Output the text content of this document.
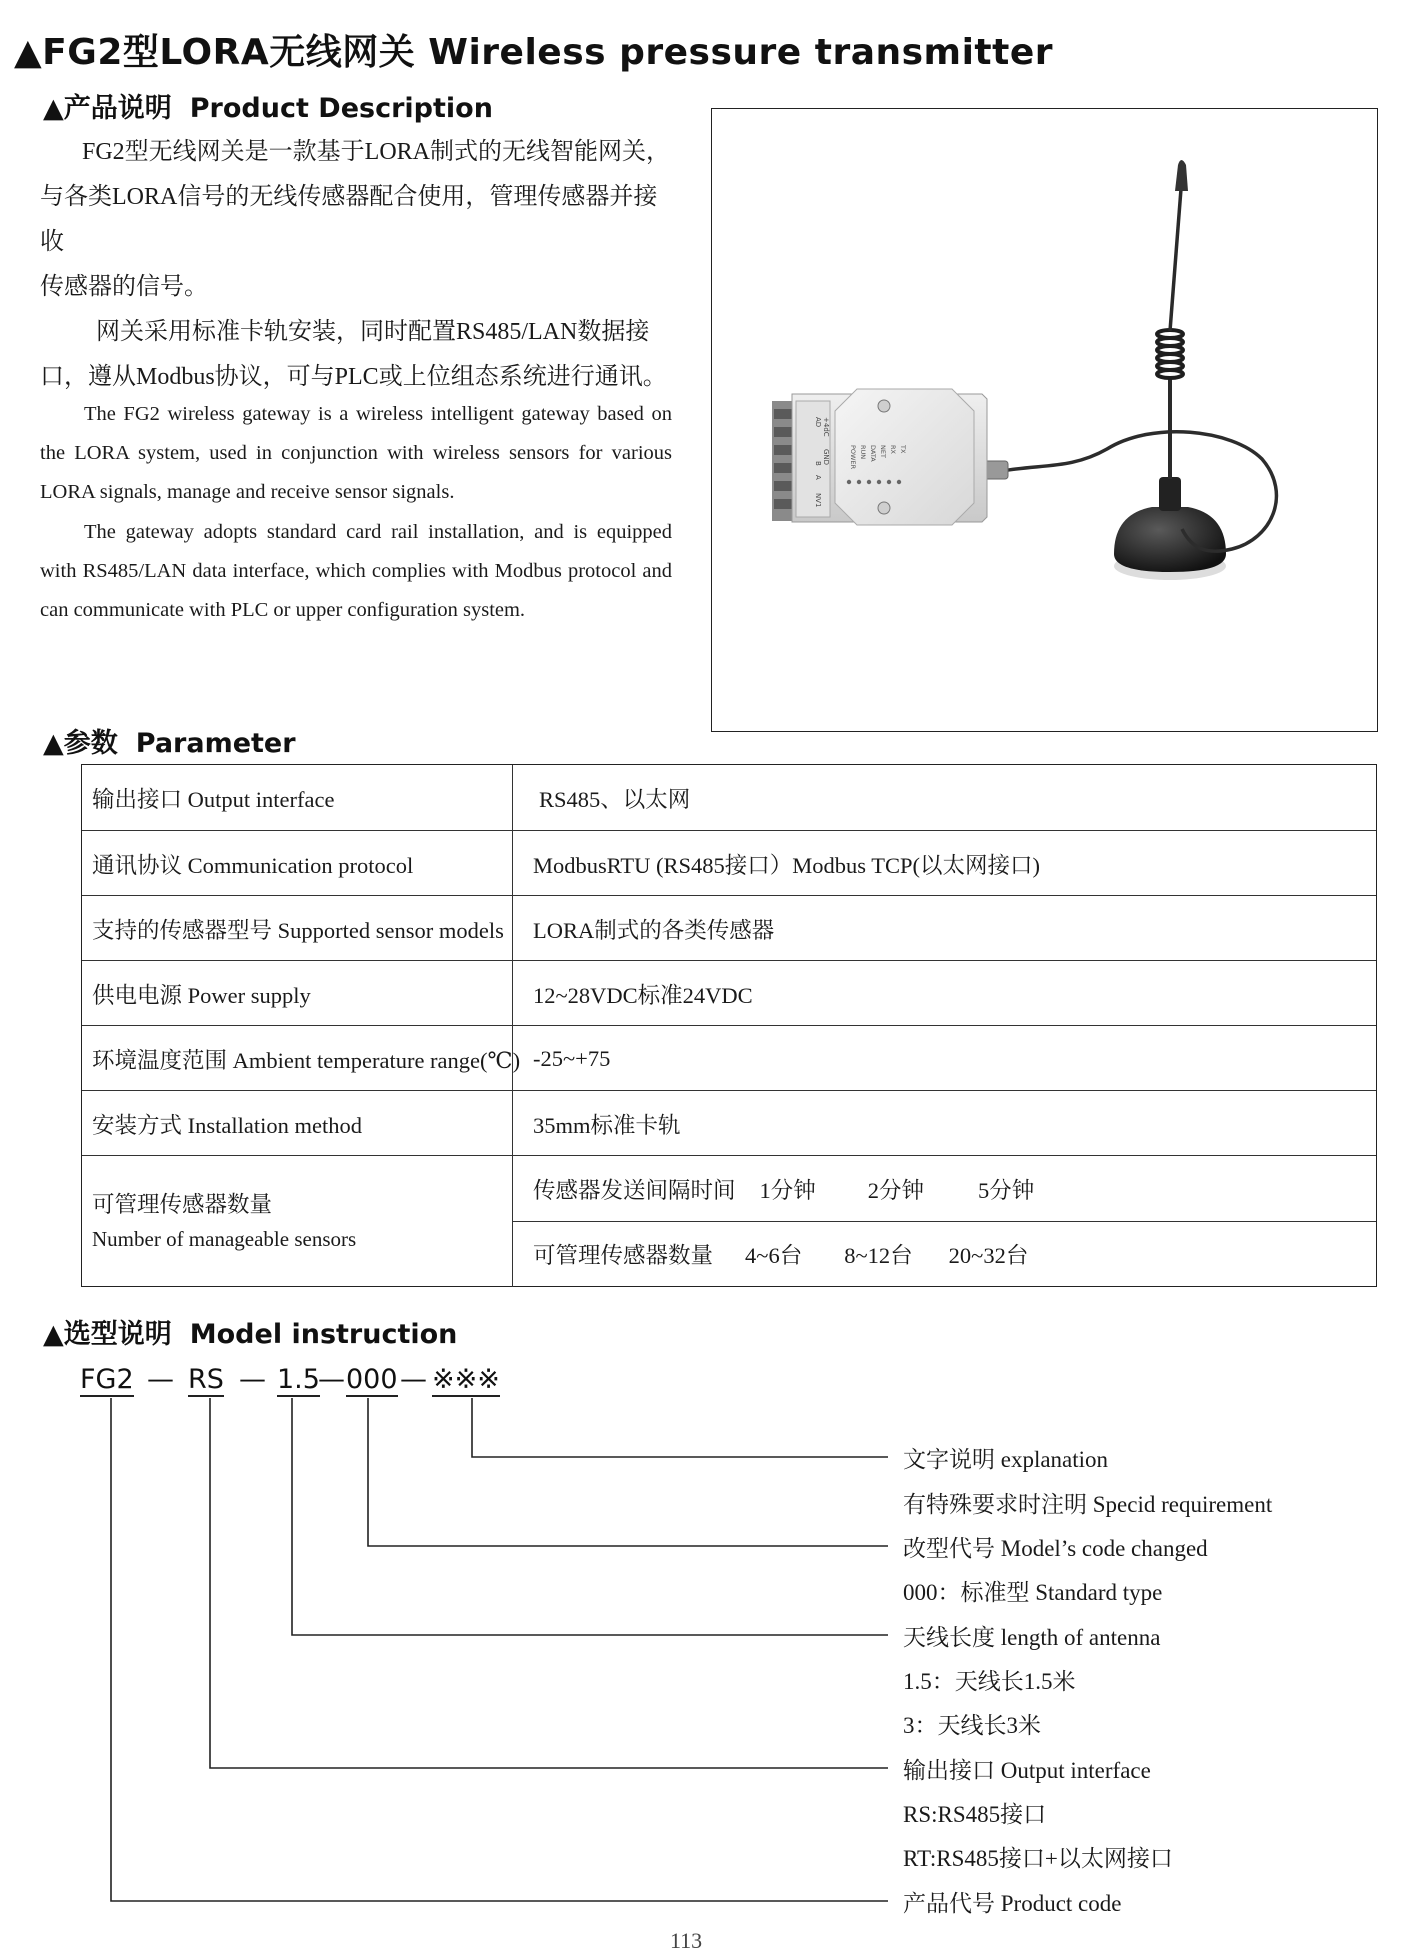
▲FG2型LORA无线网关 Wireless pressure transmitter
▲产品说明 Product Description

FG2型无线网关是一款基于LORA制式的无线智能网关，

与各类LORA信号的无线传感器配合使用，管理传感器并接收

传感器的信号。

网关采用标准卡轨安装，同时配置RS485/LAN数据接

口，遵从Modbus协议，可与PLC或上位组态系统进行通讯。

The FG2 wireless gateway is a wireless intelligent gateway based on the LORA system, used in conjunction with wireless sensors for various LORA signals, manage and receive sensor signals.

The gateway adopts standard card rail installation, and is equipped with RS485/LAN data interface, which complies with Modbus protocol and can communicate with PLC or upper configuration system.

+4dC
AD
GND
B
A
NV1
POWER RUN DATA NET RX TX
▲参数 Parameter
输出接口 Output interface	RS485、以太网
通讯协议 Communication protocol	ModbusRTU (RS485接口）Modbus TCP(以太网接口)
支持的传感器型号 Supported sensor models	LORA制式的各类传感器
供电电源 Power supply	12~28VDC标准24VDC
环境温度范围 Ambient temperature range(℃) -25~+75
安装方式 Installation method	35mm标准卡轨
可管理传感器数量
Number of manageable sensors
传感器发送间隔时间 1分钟 2分钟 5分钟
可管理传感器数量 4~6台 8~12台 20~32台
▲选型说明 Model instruction
FG2 — RS — 1.5
— 000 — ※※※
文字说明 explanation
有特殊要求时注明 Specid requirement
改型代号 Model’s code changed
000：标准型 Standard type
天线长度 length of antenna
1.5：天线长1.5米
3：天线长3米
输出接口 Output interface
RS:RS485接口
RT:RS485接口+以太网接口
产品代号 Product code
113
